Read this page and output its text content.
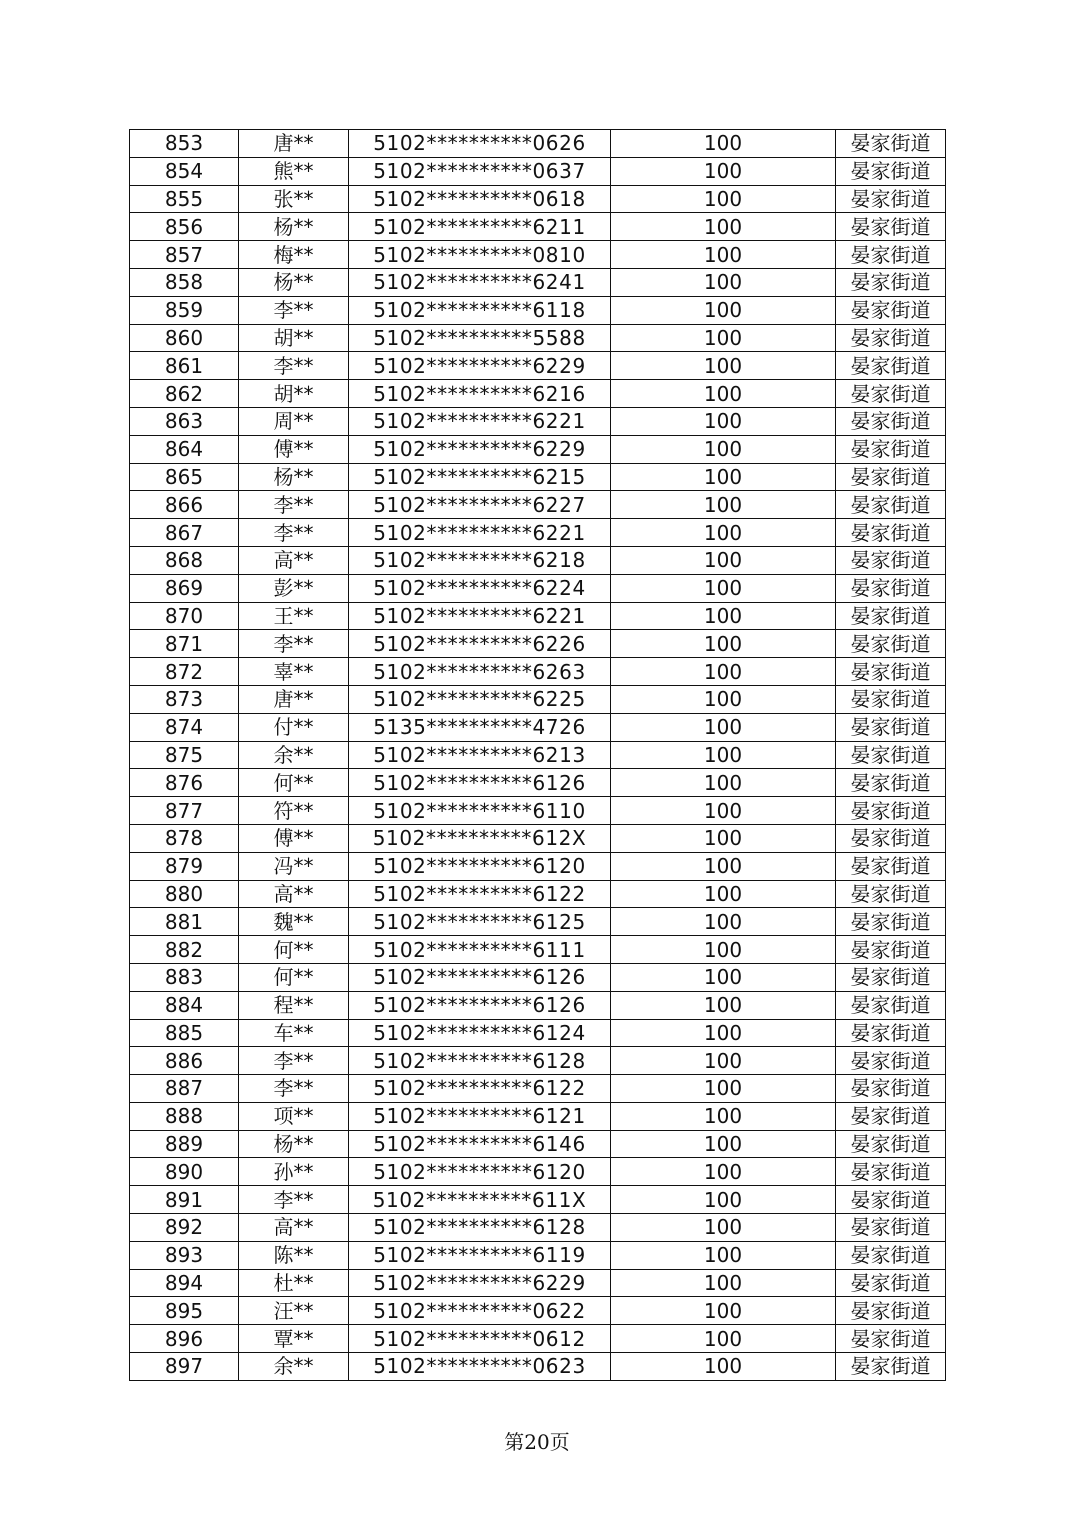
853	唐**	5102**********0626	100	晏家街道
854	熊**	5102**********0637	100	晏家街道
855	张**	5102**********0618	100	晏家街道
856	杨**	5102**********6211	100	晏家街道
857	梅**	5102**********0810	100	晏家街道
858	杨**	5102**********6241	100	晏家街道
859	李**	5102**********6118	100	晏家街道
860	胡**	5102**********5588	100	晏家街道
861	李**	5102**********6229	100	晏家街道
862	胡**	5102**********6216	100	晏家街道
863	周**	5102**********6221	100	晏家街道
864	傅**	5102**********6229	100	晏家街道
865	杨**	5102**********6215	100	晏家街道
866	李**	5102**********6227	100	晏家街道
867	李**	5102**********6221	100	晏家街道
868	高**	5102**********6218	100	晏家街道
869	彭**	5102**********6224	100	晏家街道
870	王**	5102**********6221	100	晏家街道
871	李**	5102**********6226	100	晏家街道
872	辜**	5102**********6263	100	晏家街道
873	唐**	5102**********6225	100	晏家街道
874	付**	5135**********4726	100	晏家街道
875	余**	5102**********6213	100	晏家街道
876	何**	5102**********6126	100	晏家街道
877	符**	5102**********6110	100	晏家街道
878	傅**	5102**********612X	100	晏家街道
879	冯**	5102**********6120	100	晏家街道
880	高**	5102**********6122	100	晏家街道
881	魏**	5102**********6125	100	晏家街道
882	何**	5102**********6111	100	晏家街道
883	何**	5102**********6126	100	晏家街道
884	程**	5102**********6126	100	晏家街道
885	车**	5102**********6124	100	晏家街道
886	李**	5102**********6128	100	晏家街道
887	李**	5102**********6122	100	晏家街道
888	项**	5102**********6121	100	晏家街道
889	杨**	5102**********6146	100	晏家街道
890	孙**	5102**********6120	100	晏家街道
891	李**	5102**********611X	100	晏家街道
892	高**	5102**********6128	100	晏家街道
893	陈**	5102**********6119	100	晏家街道
894	杜**	5102**********6229	100	晏家街道
895	汪**	5102**********0622	100	晏家街道
896	覃**	5102**********0612	100	晏家街道
897	余**	5102**********0623	100	晏家街道
第20页
